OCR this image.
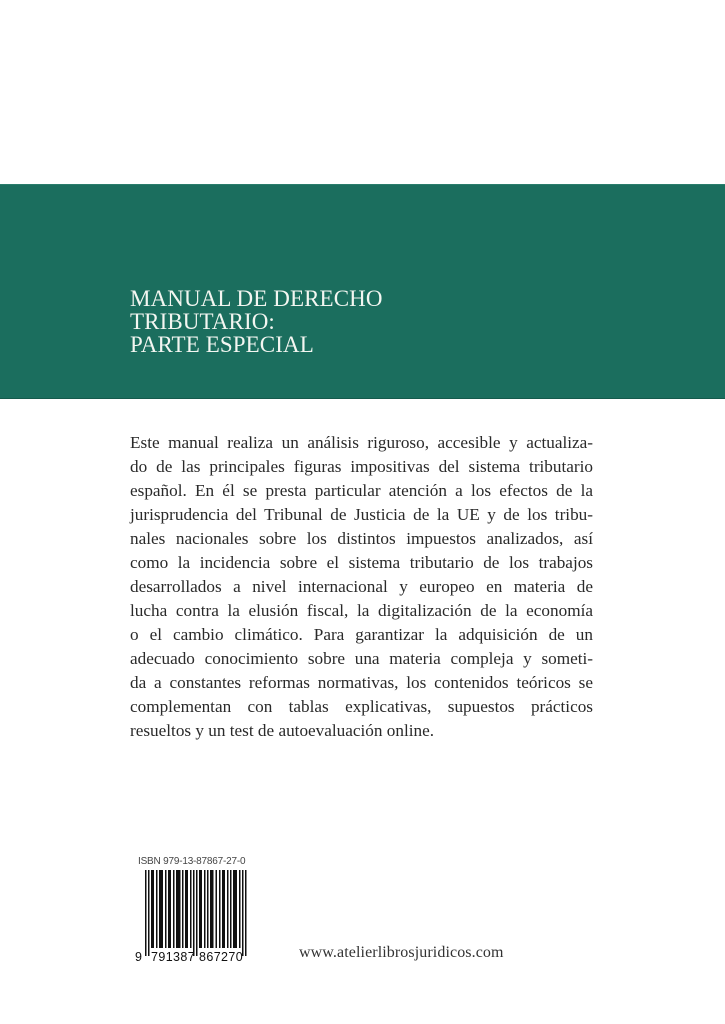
MANUAL DE DERECHO
TRIBUTARIO:
PARTE ESPECIAL

Este manual realiza un análisis riguroso, accesible y actualiza-
do de las principales figuras impositivas del sistema tributario
español. En él se presta particular atención a los efectos de la
jurisprudencia del Tribunal de Justicia de la UE y de los tribu-
nales nacionales sobre los distintos impuestos analizados, así
como la incidencia sobre el sistema tributario de los trabajos
desarrollados a nivel internacional y europeo en materia de
lucha contra la elusión fiscal, la digitalización de la economía
o el cambio climático. Para garantizar la adquisición de un
adecuado conocimiento sobre una materia compleja y someti-
da a constantes reformas normativas, los contenidos teóricos se
complementan con tablas explicativas, supuestos prácticos
resueltos y un test de autoevaluación online.

ISBN 979-13-87867-27-0
9 791387 867270	www.atelierlibrosjuridicos.com
